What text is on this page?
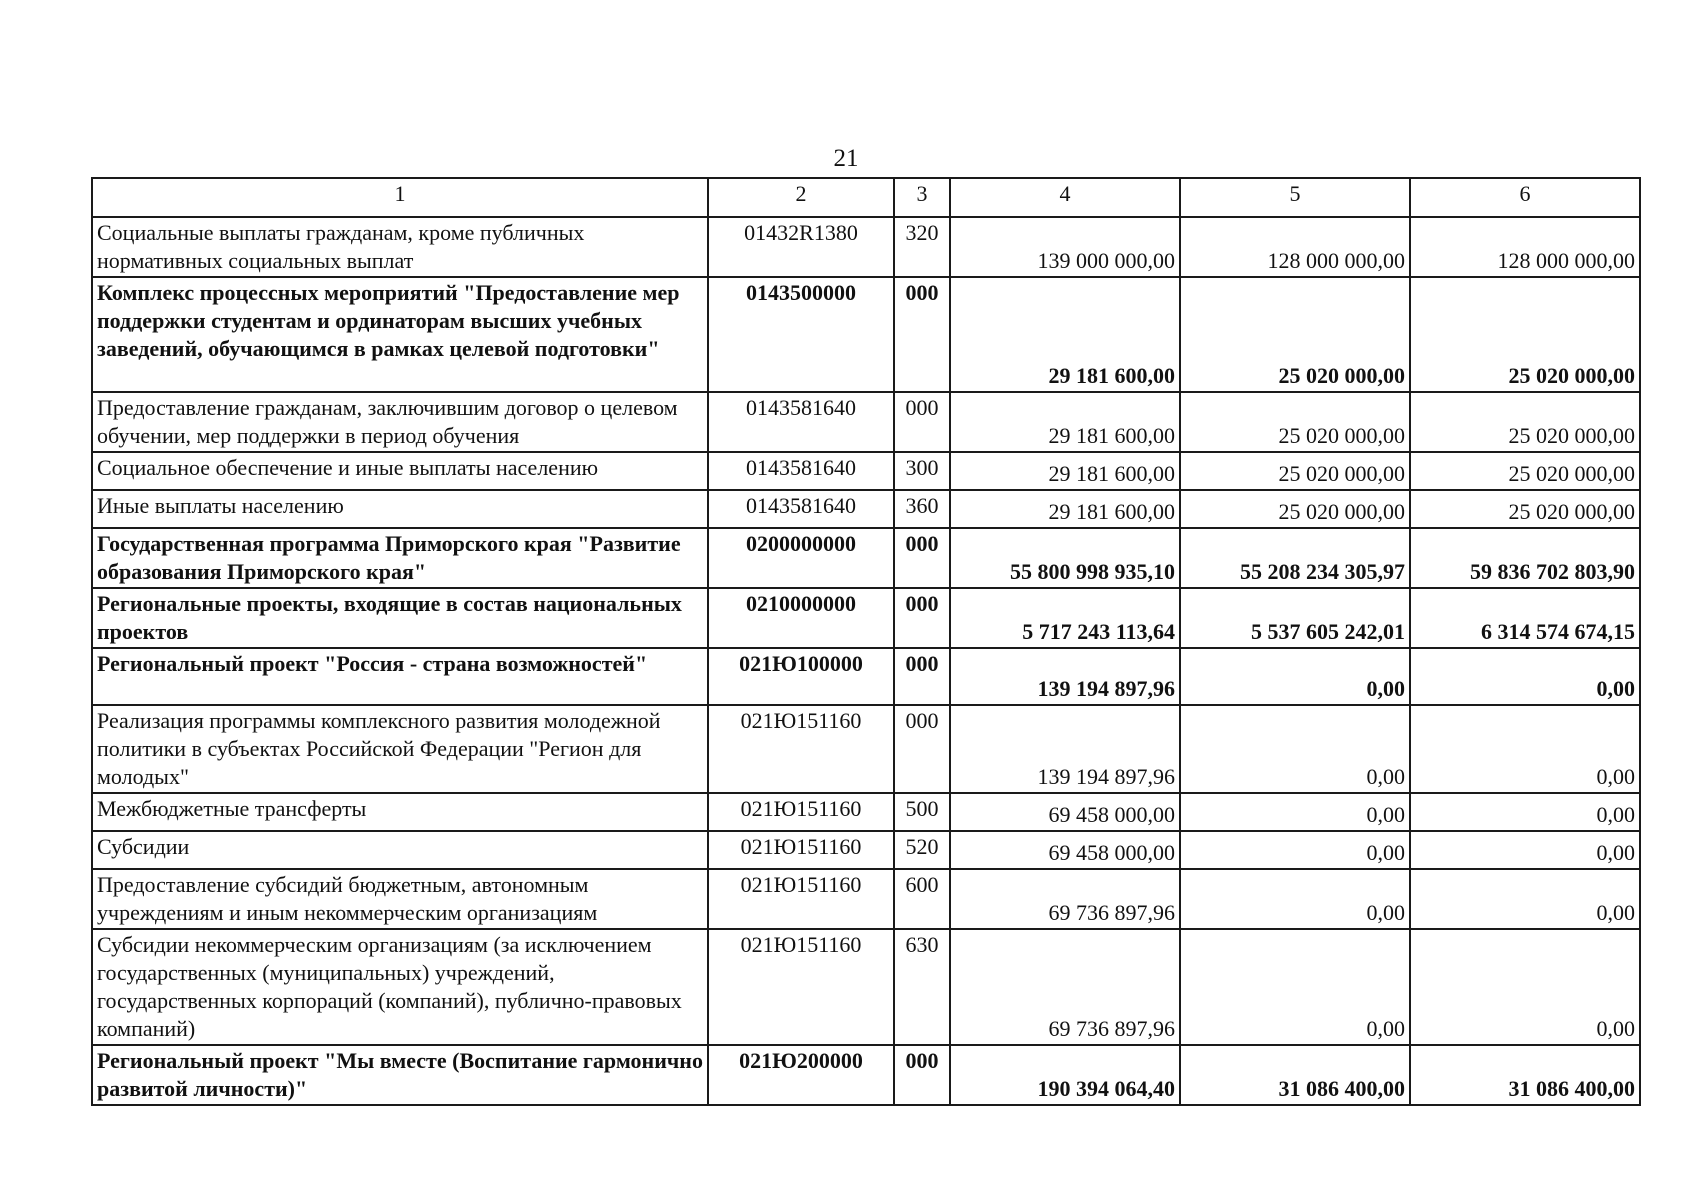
21
1	2	3	4	5	6
Социальные выплаты гражданам, кроме публичных нормативных социальных выплат	01432R1380	320	139 000 000,00	128 000 000,00	128 000 000,00
Комплекс процессных мероприятий "Предоставление мер поддержки студентам и ординаторам высших учебных заведений, обучающимся в рамках целевой подготовки"	0143500000	000	29 181 600,00	25 020 000,00	25 020 000,00
Предоставление гражданам, заключившим договор о целевом обучении, мер поддержки в период обучения	0143581640	000	29 181 600,00	25 020 000,00	25 020 000,00
Социальное обеспечение и иные выплаты населению	0143581640	300	29 181 600,00	25 020 000,00	25 020 000,00
Иные выплаты населению	0143581640	360	29 181 600,00	25 020 000,00	25 020 000,00
Государственная программа Приморского края "Развитие образования Приморского края"	0200000000	000	55 800 998 935,10	55 208 234 305,97	59 836 702 803,90
Региональные проекты, входящие в состав национальных проектов	0210000000	000	5 717 243 113,64	5 537 605 242,01	6 314 574 674,15
Региональный проект "Россия - страна возможностей"	021Ю100000	000	139 194 897,96	0,00	0,00
Реализация программы комплексного развития молодежной политики в субъектах Российской Федерации "Регион для молодых"	021Ю151160	000	139 194 897,96	0,00	0,00
Межбюджетные трансферты	021Ю151160	500	69 458 000,00	0,00	0,00
Субсидии	021Ю151160	520	69 458 000,00	0,00	0,00
Предоставление субсидий бюджетным, автономным учреждениям и иным некоммерческим организациям	021Ю151160	600	69 736 897,96	0,00	0,00
Субсидии некоммерческим организациям (за исключением государственных (муниципальных) учреждений, государственных корпораций (компаний), публично-правовых компаний)	021Ю151160	630	69 736 897,96	0,00	0,00
Региональный проект "Мы вместе (Воспитание гармонично развитой личности)"	021Ю200000	000	190 394 064,40	31 086 400,00	31 086 400,00
